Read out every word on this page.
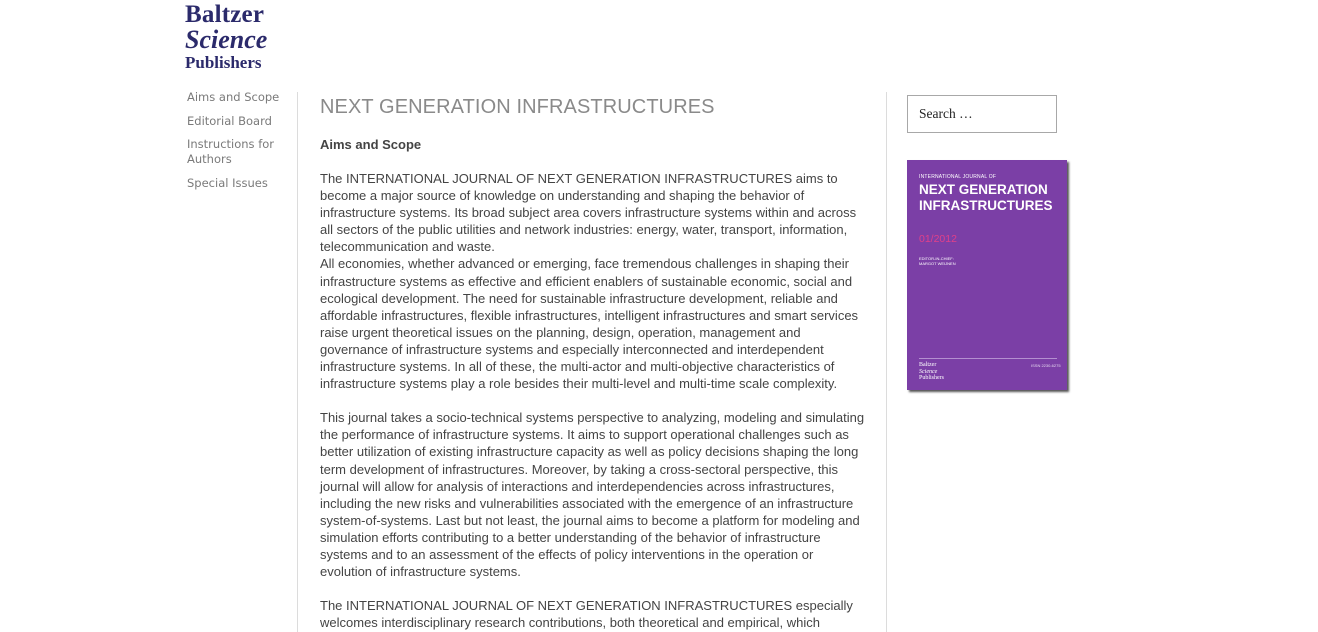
Baltzer
Science
Publishers
Aims and Scope
Editorial Board
Instructions for Authors
Special Issues
NEXT GENERATION INFRASTRUCTURES
Aims and Scope

The INTERNATIONAL JOURNAL OF NEXT GENERATION INFRASTRUCTURES aims to become a major source of knowledge on understanding and shaping the behavior of infrastructure systems. Its broad subject area covers infrastructure systems within and across all sectors of the public utilities and network industries: energy, water, transport, information, telecommunication and waste.

All economies, whether advanced or emerging, face tremendous challenges in shaping their infrastructure systems as effective and efficient enablers of sustainable economic, social and ecological development. The need for sustainable infrastructure development, reliable and affordable infrastructures, flexible infrastructures, intelligent infrastructures and smart services raise urgent theoretical issues on the planning, design, operation, management and governance of infrastructure systems and especially interconnected and interdependent infrastructure systems. In all of these, the multi-actor and multi-objective characteristics of infrastructure systems play a role besides their multi-level and multi-time scale complexity.

This journal takes a socio-technical systems perspective to analyzing, modeling and simulating the performance of infrastructure systems. It aims to support operational challenges such as better utilization of existing infrastructure capacity as well as policy decisions shaping the long term development of infrastructures. Moreover, by taking a cross-sectoral perspective, this journal will allow for analysis of interactions and interdependencies across infrastructures, including the new risks and vulnerabilities associated with the emergence of an infrastructure system-of-systems. Last but not least, the journal aims to become a platform for modeling and simulation efforts contributing to a better understanding of the behavior of infrastructure systems and to an assessment of the effects of policy interventions in the operation or evolution of infrastructure systems.

The INTERNATIONAL JOURNAL OF NEXT GENERATION INFRASTRUCTURES especially welcomes interdisciplinary research contributions, both theoretical and empirical, which

Search …
INTERNATIONAL JOURNAL OF
NEXT GENERATION
INFRASTRUCTURES
01/2012
EDITOR-IN-CHIEF:
MARGOT WEIJNEN
Baltzer
Science
Publishers
ISSN 2230-6275
